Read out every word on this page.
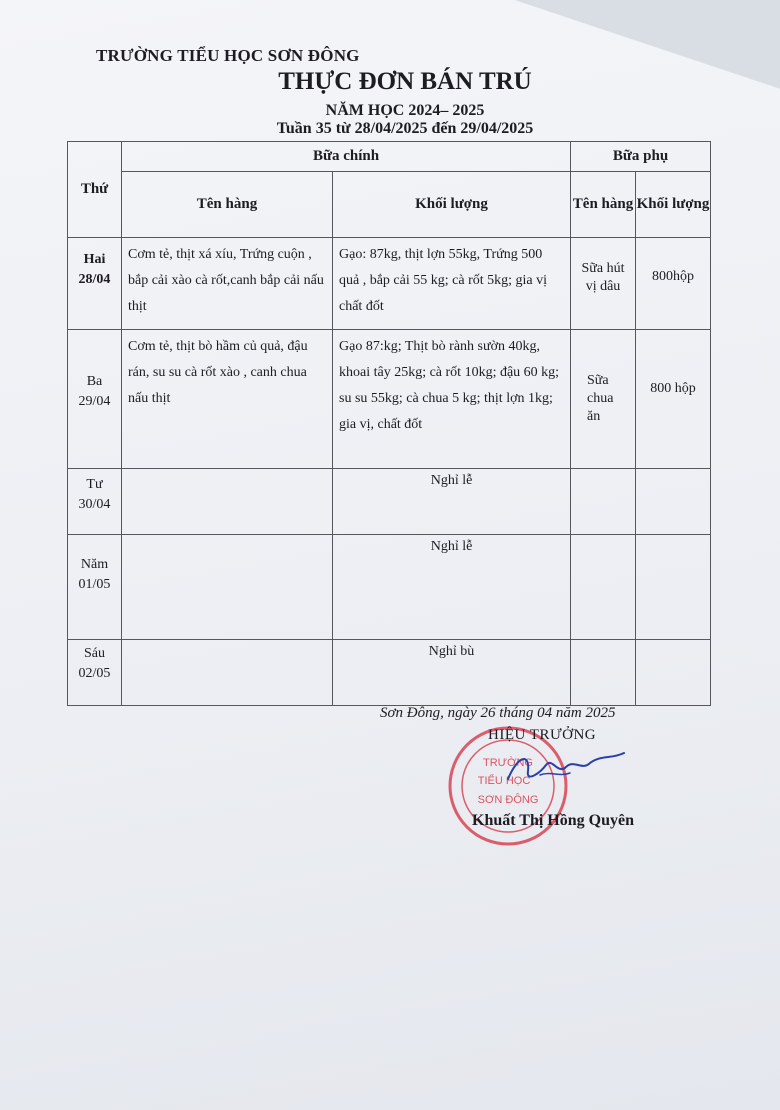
TRƯỜNG TIỂU HỌC SƠN ĐÔNG
THỰC ĐƠN BÁN TRÚ
NĂM HỌC 2024– 2025
Tuần 35 từ 28/04/2025 đến 29/04/2025
Thứ	Bữa chính		Bữa phụ	
	Tên hàng	Khối lượng	Tên hàng	Khối lượng

Hai
28/04	Cơm tẻ, thịt xá xíu, Trứng cuộn , bắp cải xào cà rốt,canh bắp cải nấu thịt	Gạo: 87kg, thịt lợn 55kg, Trứng 500 quả , bắp cải 55 kg; cà rốt 5kg; gia vị chất đốt	Sữa hút vị dâu	800hộp

Ba
29/04	Cơm tẻ, thịt bò hầm củ quả, đậu rán, su su cà rốt xào , canh chua nấu thịt	Gạo 87:kg; Thịt bò rành sườn 40kg, khoai tây 25kg; cà rốt 10kg; đậu 60 kg; su su 55kg; cà chua 5 kg; thịt lợn 1kg; gia vị, chất đốt	Sữa chua ăn	800 hộp

Tư
30/04		Nghỉ lễ		

Năm
01/05		Nghỉ lễ		

Sáu
02/05		Nghỉ bù		
Sơn Đông, ngày 26 tháng 04 năm 2025
TRƯỜNG
TIỂU HỌC
SƠN ĐÔNG
HIỆU TRƯỞNG
Khuất Thị Hồng Quyên
